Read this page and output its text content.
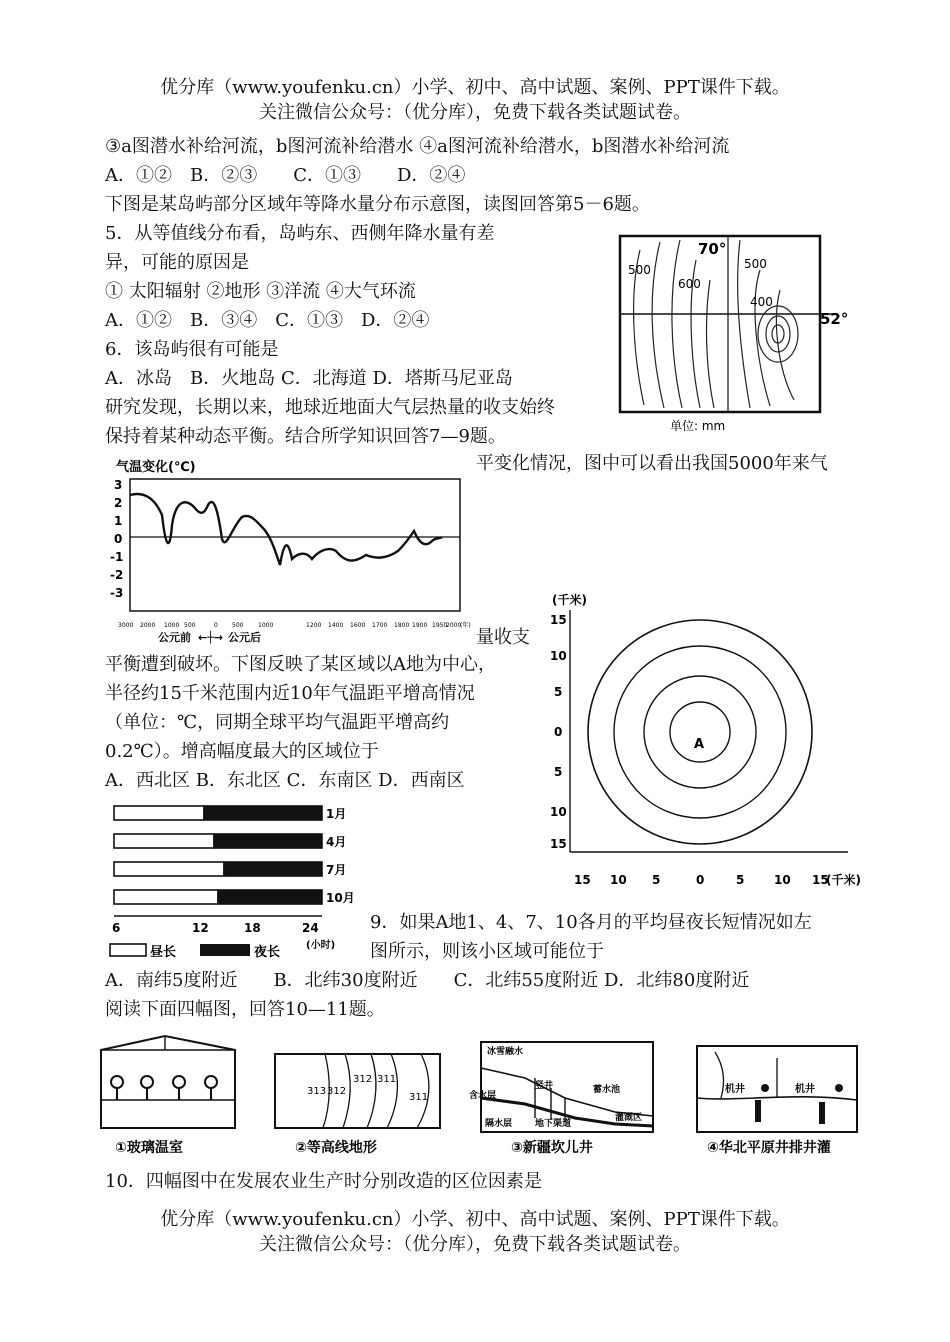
优分库（www.youfenku.cn）小学、初中、高中试题、案例、PPT课件下载。
关注微信公众号：（优分库），免费下载各类试题试卷。
③a图潜水补给河流，b图河流补给潜水 ④a图河流补给潜水，b图潜水补给河流
A．①②　B．②③　　C．①③　　D．②④
下图是某岛屿部分区域年等降水量分布示意图，读图回答第5－6题。
5．从等值线分布看，岛屿东、西侧年降水量有差
异，可能的原因是
① 太阳辐射 ②地形 ③洋流 ④大气环流
A．①②　B．③④　C．①③　D．②④
6．该岛屿很有可能是
A．冰岛　B．火地岛 C．北海道 D．塔斯马尼亚岛
研究发现，长期以来，地球近地面大气层热量的收支始终
保持着某种动态平衡。结合所学知识回答7—9题。
平变化情况，图中可以看出我国5000年来气
量收支
平衡遭到破坏。下图反映了某区域以A地为中心，
半径约15千米范围内近10年气温距平增高情况
（单位：℃，同期全球平均气温距平增高约
0.2℃）。增高幅度最大的区域位于
A．西北区 B．东北区 C．东南区 D．西南区
9．如果A地1、4、7、10各月的平均昼夜长短情况如左
图所示，则该小区域可能位于
A．南纬5度附近　　B．北纬30度附近　　C．北纬55度附近 D．北纬80度附近
阅读下面四幅图，回答10—11题。
10．四幅图中在发展农业生产时分别改造的区位因素是
70°
52°
500
600
500
400
单位: mm
气温变化(℃)
3
2
1
0
-1
-2
-3
3000 2000 1000 500	0 500 1000	1200 1400 1600 1700 1800 1900 1950
2000
(年)
公元前 ←┼→ 公元后
(千米)
15
10
5
0
5
10
15
15 10 5	0	5 10 15
(千米)
A
1月
4月
7月
10月
6	12	18	24
(小时)
昼长	夜长
①玻璃温室
313 312
312 311
311
②等高线地形
冰雪融水
竖井
含水层
蓄水池
隔水层	地下渠道
灌溉区
③新疆坎儿井
机井	机井
④华北平原井排井灌
优分库（www.youfenku.cn）小学、初中、高中试题、案例、PPT课件下载。
关注微信公众号：（优分库），免费下载各类试题试卷。
